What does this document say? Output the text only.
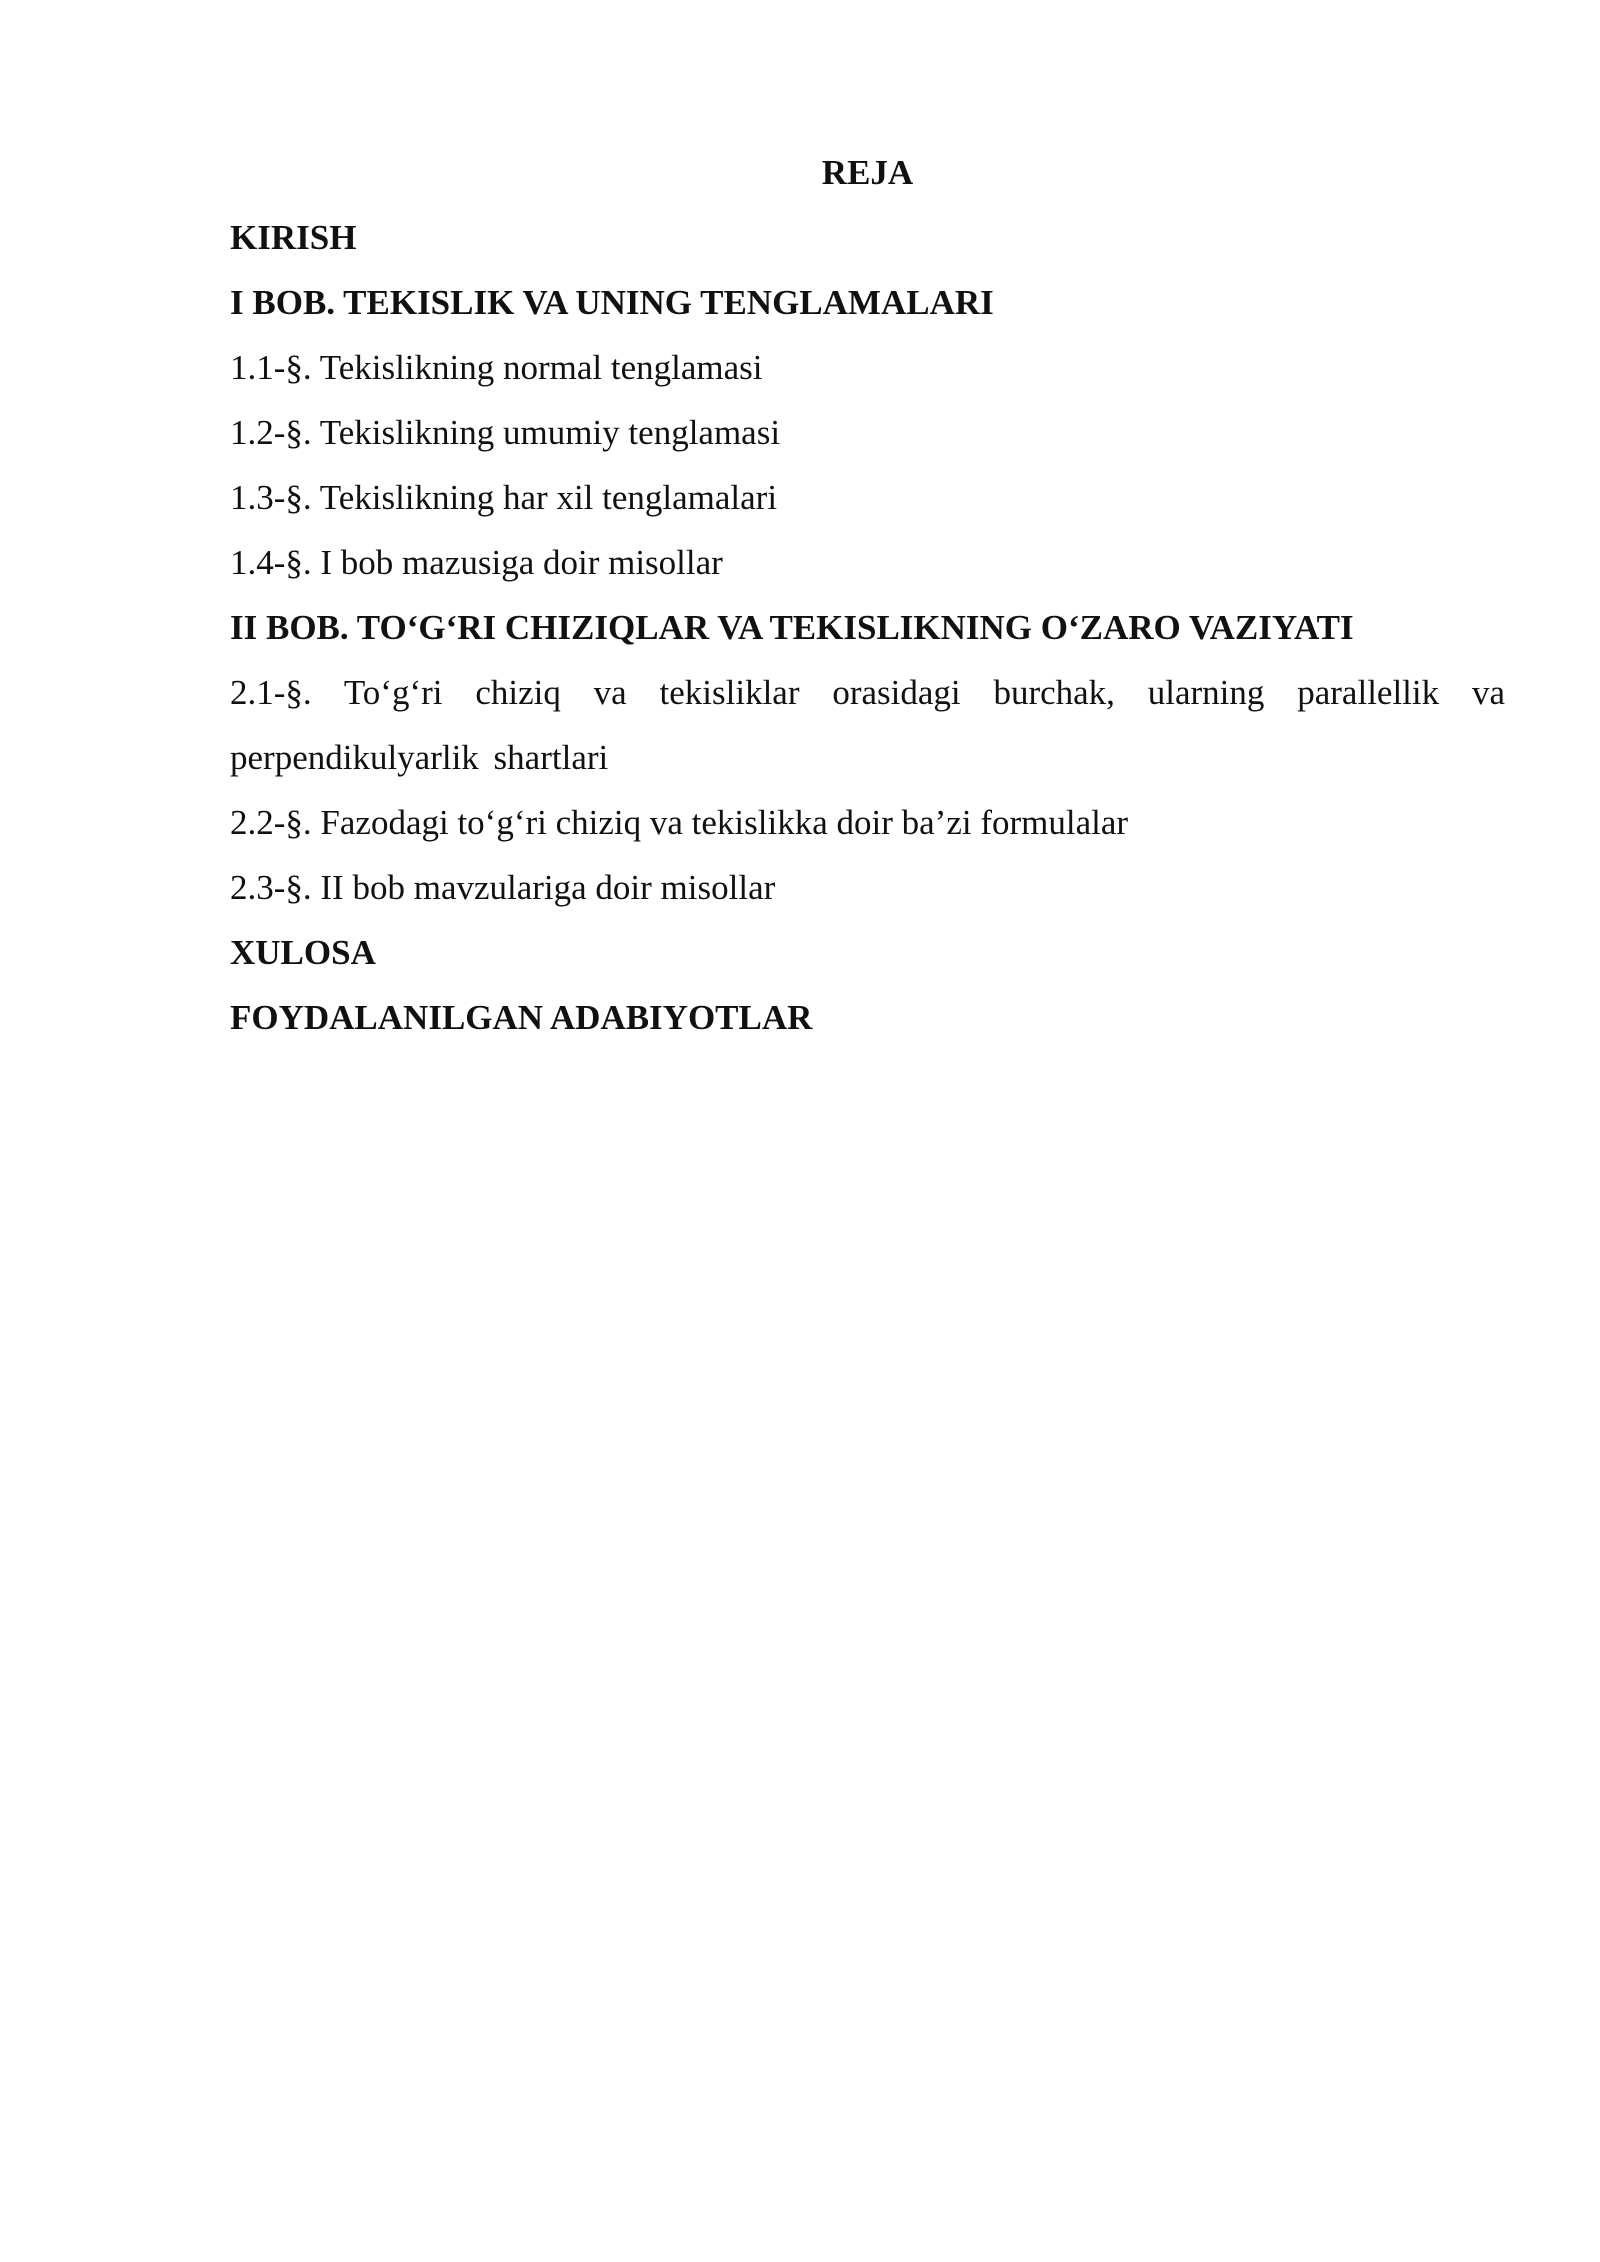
REJA

KIRISH

I BOB. TEKISLIK VA UNING TENGLAMALARI

1.1-§. Tekislikning normal tenglamasi

1.2-§. Tekislikning umumiy tenglamasi

1.3-§. Tekislikning har xil tenglamalari

1.4-§. I bob mazusiga doir misollar

II BOB. TO‘G‘RI CHIZIQLAR VA TEKISLIKNING O‘ZARO VAZIYATI

2.1-§. To‘g‘ri chiziq va tekisliklar orasidagi burchak, ularning parallellik va perpendikulyarlik shartlari

2.2-§. Fazodagi to‘g‘ri chiziq va tekislikka doir ba’zi formulalar

2.3-§. II bob mavzulariga doir misollar

XULOSA

FOYDALANILGAN ADABIYOTLAR
